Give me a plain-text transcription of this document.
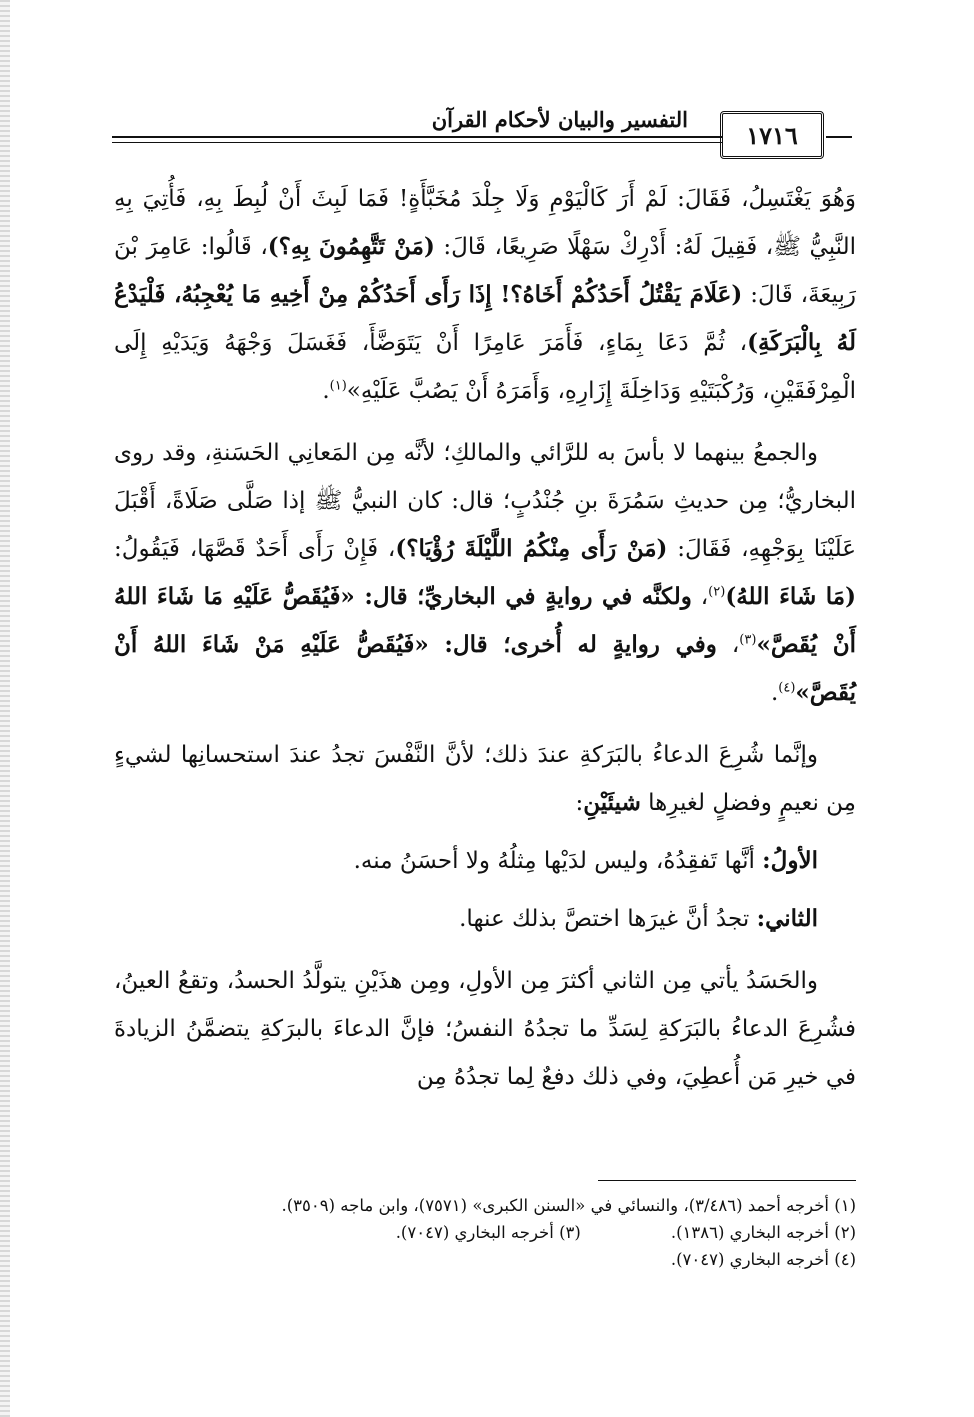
التفسير والبيان لأحكام القرآن
١٧١٦

وَهُوَ يَغْتَسِلُ، فَقَالَ: لَمْ أَرَ كَالْيَوْمِ وَلَا جِلْدَ مُخَبَّأَةٍ! فَمَا لَبِثَ أَنْ لُبِطَ بِهِ، فَأُتِيَ بِهِ النَّبِيُّ ﷺ، فَقِيلَ لَهُ: أَدْرِكْ سَهْلًا صَرِيعًا، قَالَ: (مَنْ تَتَّهِمُونَ بِهِ؟)، قَالُوا: عَامِرَ بْنَ رَبِيعَةَ، قَالَ: (عَلَامَ يَقْتُلُ أَحَدُكُمْ أَخَاهُ؟! إِذَا رَأَى أَحَدُكُمْ مِنْ أَخِيهِ مَا يُعْجِبُهُ، فَلْيَدْعُ لَهُ بِالْبَرَكَةِ)، ثُمَّ دَعَا بِمَاءٍ، فَأَمَرَ عَامِرًا أَنْ يَتَوَضَّأَ، فَغَسَلَ وَجْهَهُ وَيَدَيْهِ إِلَى الْمِرْفَقَيْنِ، وَرُكْبَتَيْهِ وَدَاخِلَةَ إِزَارِهِ، وَأَمَرَهُ أَنْ يَصُبَّ عَلَيْهِ»$^{(١)}$.

والجمعُ بينهما لا بأسَ به للرَّائي والمالكِ؛ لأنَّه مِن المَعانِي الحَسَنةِ، وقد روى البخاريُّ؛ مِن حديثِ سَمُرَةَ بنِ جُنْدُبٍ؛ قال: كان النبيُّ ﷺ إذا صَلَّى صَلَاةً، أَقْبَلَ عَلَيْنَا بِوَجْهِهِ، فَقَالَ: (مَنْ رَأَى مِنْكُمُ اللَّيْلَةَ رُؤْيَا؟)، فَإِنْ رَأَى أَحَدٌ قَصَّهَا، فَيَقُولُ: (مَا شَاءَ اللهُ)$^{(٢)}$، ولكنَّه في روايةٍ في البخاريِّ؛ قال: «فَيُقَصُّ عَلَيْهِ مَا شَاءَ اللهُ أَنْ يُقَصَّ»$^{(٣)}$، وفي روايةٍ له أُخرى؛ قال: «فَيُقَصُّ عَلَيْهِ مَنْ شَاءَ اللهُ أَنْ يُقَصَّ»$^{(٤)}$.

وإنَّما شُرِعَ الدعاءُ بالبَرَكةِ عندَ ذلك؛ لأنَّ النَّفْسَ تجدُ عندَ استحسانِها لشيءٍ مِن نعيمٍ وفضلٍ لغيرِها شيئَيْنِ:

الأولُ: أنَّها تَفقِدُهُ، وليس لدَيْها مِثلُهُ ولا أحسَنُ منه.

الثاني: تجدُ أنَّ غيرَها اختصَّ بذلك عنها.

والحَسَدُ يأتي مِن الثاني أكثرَ مِن الأولِ، ومِن هذَيْنِ يتولَّدُ الحسدُ، وتقعُ العينُ، فشُرِعَ الدعاءُ بالبَرَكةِ لِسَدِّ ما تجدُهُ النفسُ؛ فإنَّ الدعاءَ بالبرَكةِ يتضمَّنُ الزيادةَ في خيرِ مَن أُعطِيَ، وفي ذلك دفعٌ لِما تجدُهُ مِن

(١) أخرجه أحمد (٣/٤٨٦)، والنسائي في «السنن الكبرى» (٧٥٧١)، وابن ماجه (٣٥٠٩).

(٢) أخرجه البخاري (١٣٨٦).

(٣) أخرجه البخاري (٧٠٤٧).

(٤) أخرجه البخاري (٧٠٤٧).
